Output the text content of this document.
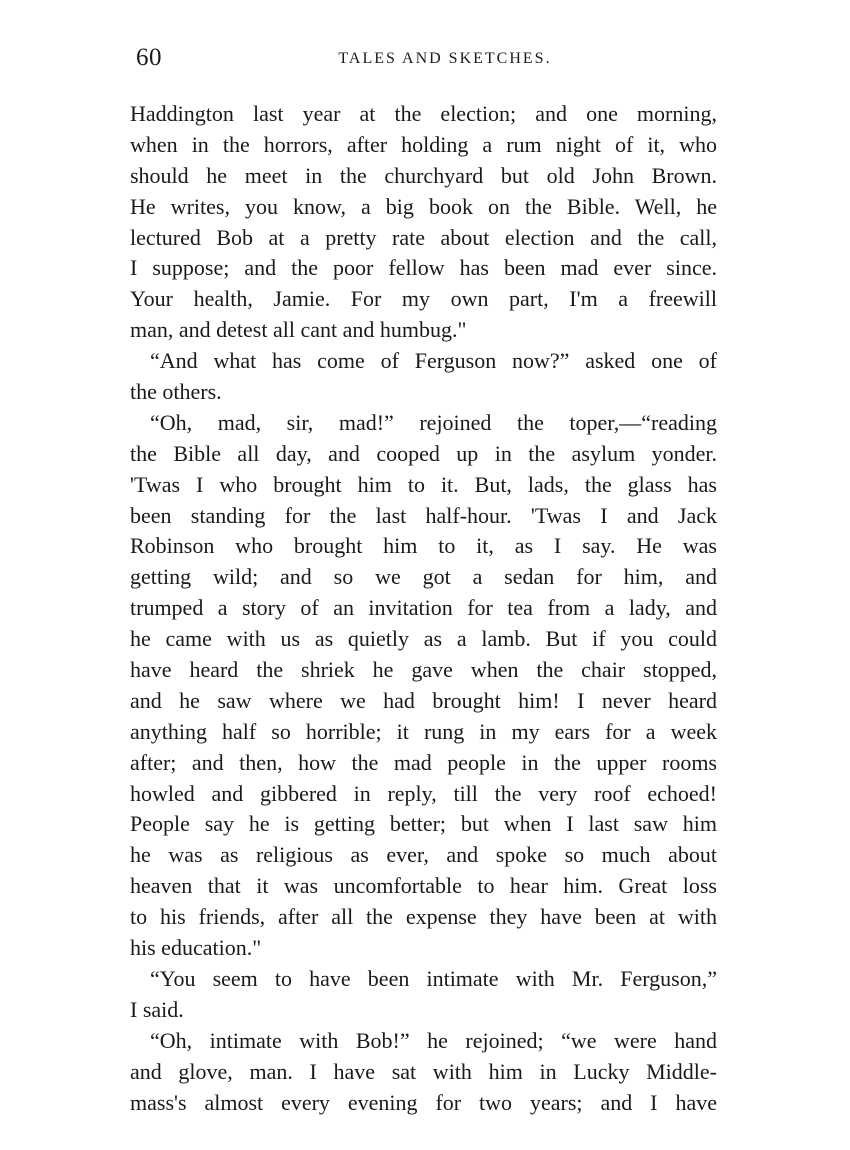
60	TALES AND SKETCHES.
Haddington last year at the election; and one morning,
when in the horrors, after holding a rum night of it, who
should he meet in the churchyard but old John Brown.
He writes, you know, a big book on the Bible. Well, he
lectured Bob at a pretty rate about election and the call,
I suppose; and the poor fellow has been mad ever since.
Your health, Jamie. For my own part, I'm a freewill
man, and detest all cant and humbug."
“And what has come of Ferguson now?” asked one of
the others.
“Oh, mad, sir, mad!” rejoined the toper,—“reading
the Bible all day, and cooped up in the asylum yonder.
'Twas I who brought him to it. But, lads, the glass has
been standing for the last half-hour. 'Twas I and Jack
Robinson who brought him to it, as I say. He was
getting wild; and so we got a sedan for him, and
trumped a story of an invitation for tea from a lady, and
he came with us as quietly as a lamb. But if you could
have heard the shriek he gave when the chair stopped,
and he saw where we had brought him! I never heard
anything half so horrible; it rung in my ears for a week
after; and then, how the mad people in the upper rooms
howled and gibbered in reply, till the very roof echoed!
People say he is getting better; but when I last saw him
he was as religious as ever, and spoke so much about
heaven that it was uncomfortable to hear him. Great loss
to his friends, after all the expense they have been at with
his education."
“You seem to have been intimate with Mr. Ferguson,”
I said.
“Oh, intimate with Bob!” he rejoined; “we were hand
and glove, man. I have sat with him in Lucky Middle-
mass's almost every evening for two years; and I have
